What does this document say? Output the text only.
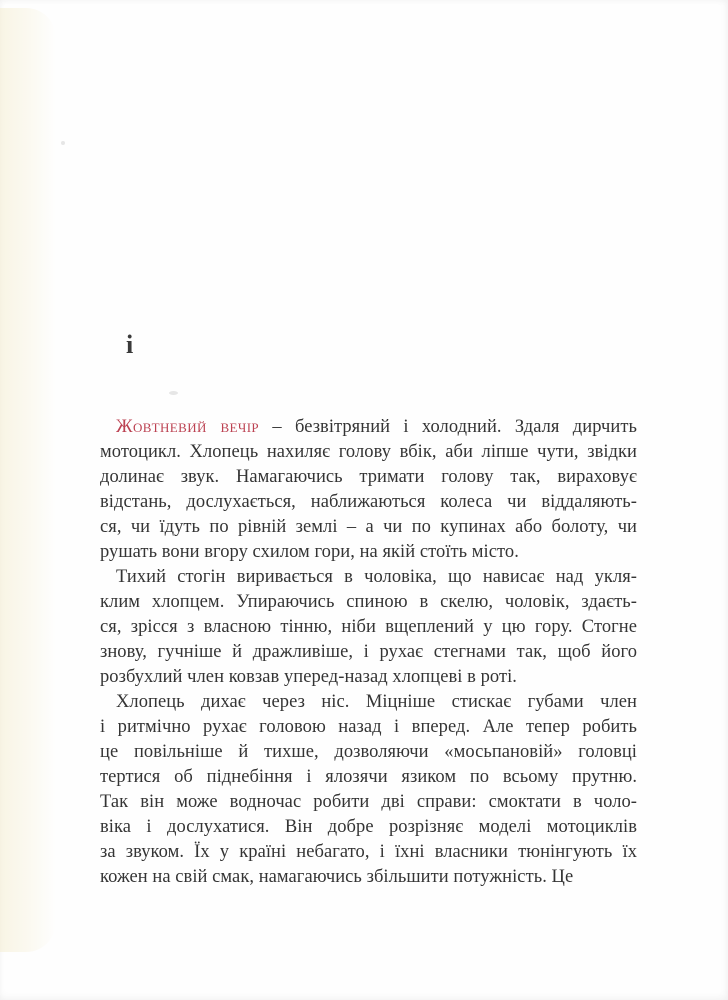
і
Жовтневий вечір – безвітряний і холодний. Здаля дирчить
мотоцикл. Хлопець нахиляє голову вбік, аби ліпше чути, звідки
долинає звук. Намагаючись тримати голову так, вираховує
відстань, дослухається, наближаються колеса чи віддаляють-
ся, чи їдуть по рівній землі – а чи по купинах або болоту, чи
рушать вони вгору схилом гори, на якій стоїть місто.
Тихий стогін виривається в чоловіка, що нависає над укля-
клим хлопцем. Упираючись спиною в скелю, чоловік, здаєть-
ся, зрісся з власною тінню, ніби вщеплений у цю гору. Стогне
знову, гучніше й дражливіше, і рухає стегнами так, щоб його
розбухлий член ковзав уперед-назад хлопцеві в роті.
Хлопець дихає через ніс. Міцніше стискає губами член
і ритмічно рухає головою назад і вперед. Але тепер робить
це повільніше й тихше, дозволяючи «мосьпановій» головці
тертися об піднебіння і ялозячи язиком по всьому прутню.
Так він може водночас робити дві справи: смоктати в чоло-
віка і дослухатися. Він добре розрізняє моделі мотоциклів
за звуком. Їх у країні небагато, і їхні власники тюнінгують їх
кожен на свій смак, намагаючись збільшити потужність. Це
